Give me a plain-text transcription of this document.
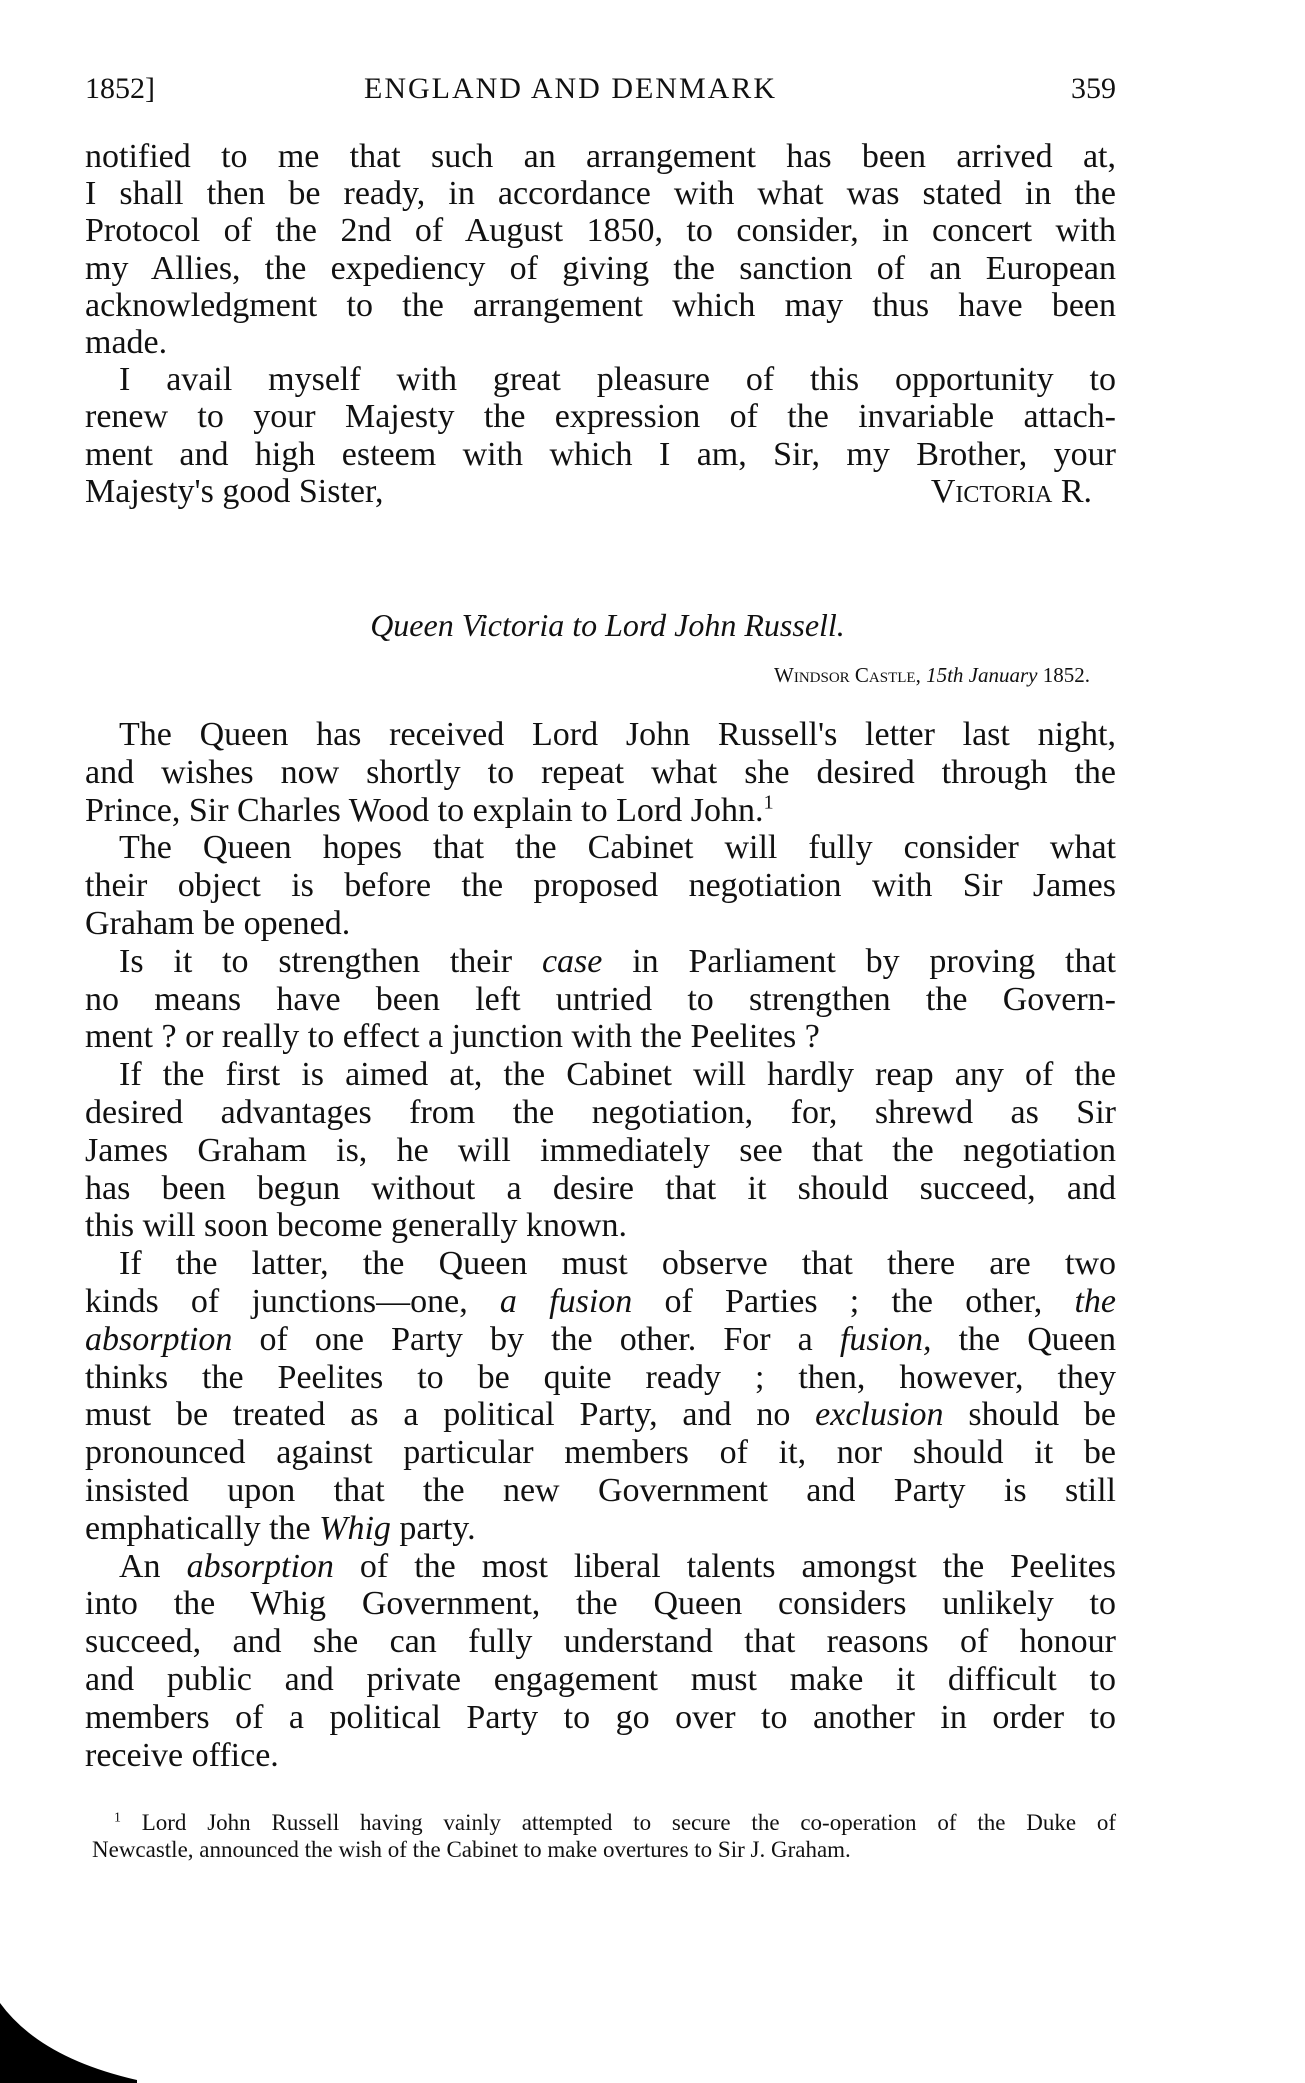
1852]	ENGLAND AND DENMARK	359
notified to me that such an arrangement has been arrived at,
I shall then be ready, in accordance with what was stated in the
Protocol of the 2nd of August 1850, to consider, in concert with
my Allies, the expediency of giving the sanction of an European
acknowledgment to the arrangement which may thus have been
made.
I avail myself with great pleasure of this opportunity to
renew to your Majesty the expression of the invariable attach-
ment and high esteem with which I am, Sir, my Brother, your
Majesty's good Sister,	Victoria R.
Queen Victoria to Lord John Russell.
Windsor Castle, 15th January 1852.
The Queen has received Lord John Russell's letter last night,
and wishes now shortly to repeat what she desired through the
Prince, Sir Charles Wood to explain to Lord John.$^1$
The Queen hopes that the Cabinet will fully consider what
their object is before the proposed negotiation with Sir James
Graham be opened.
Is it to strengthen their case in Parliament by proving that
no means have been left untried to strengthen the Govern-
ment ? or really to effect a junction with the Peelites ?
If the first is aimed at, the Cabinet will hardly reap any of the
desired advantages from the negotiation, for, shrewd as Sir
James Graham is, he will immediately see that the negotiation
has been begun without a desire that it should succeed, and
this will soon become generally known.
If the latter, the Queen must observe that there are two
kinds of junctions—one, a fusion of Parties ; the other, the
absorption of one Party by the other. For a fusion, the Queen
thinks the Peelites to be quite ready ; then, however, they
must be treated as a political Party, and no exclusion should be
pronounced against particular members of it, nor should it be
insisted upon that the new Government and Party is still
emphatically the Whig party.
An absorption of the most liberal talents amongst the Peelites
into the Whig Government, the Queen considers unlikely to
succeed, and she can fully understand that reasons of honour
and public and private engagement must make it difficult to
members of a political Party to go over to another in order to
receive office.
$^1$ Lord John Russell having vainly attempted to secure the co-operation of the Duke of
Newcastle, announced the wish of the Cabinet to make overtures to Sir J. Graham.
